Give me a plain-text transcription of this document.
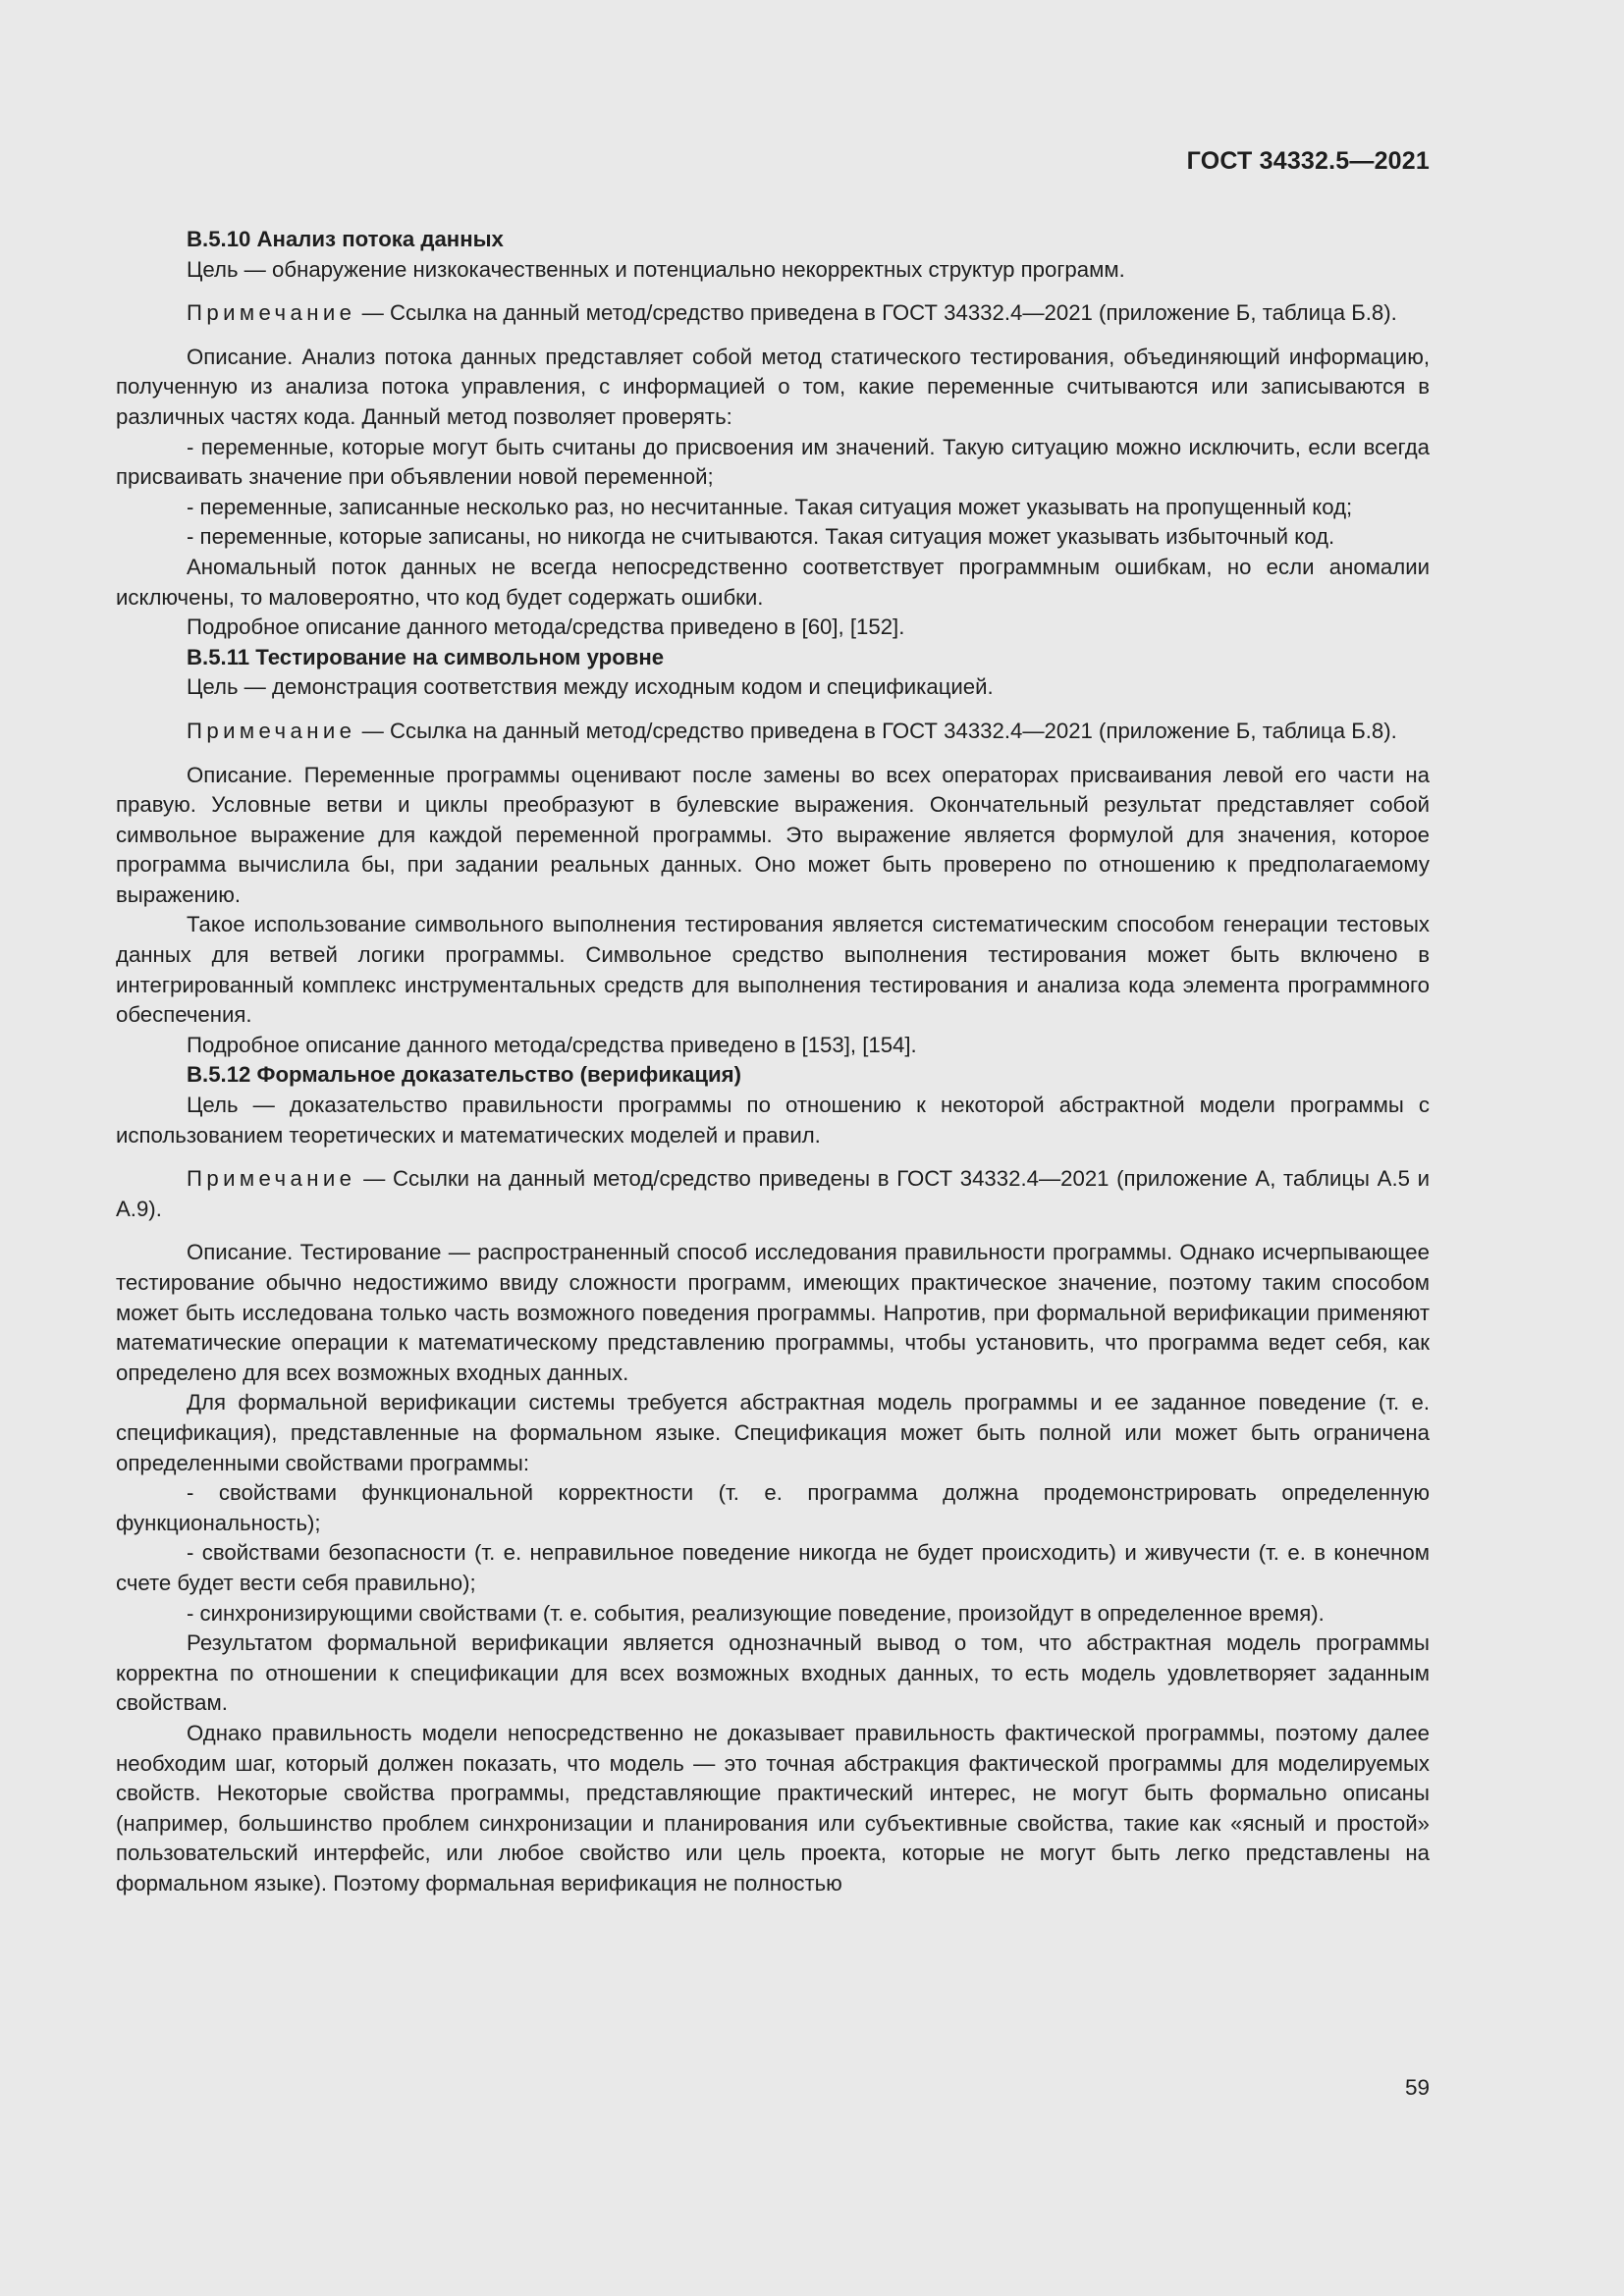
ГОСТ 34332.5—2021

В.5.10 Анализ потока данных

Цель — обнаружение низкокачественных и потенциально некорректных структур программ.

Примечание — Ссылка на данный метод/средство приведена в ГОСТ 34332.4—2021 (приложение Б, таблица Б.8).

Описание. Анализ потока данных представляет собой метод статического тестирования, объединяющий информацию, полученную из анализа потока управления, с информацией о том, какие переменные считываются или записываются в различных частях кода. Данный метод позволяет проверять:

- переменные, которые могут быть считаны до присвоения им значений. Такую ситуацию можно исключить, если всегда присваивать значение при объявлении новой переменной;

- переменные, записанные несколько раз, но несчитанные. Такая ситуация может указывать на пропущенный код;

- переменные, которые записаны, но никогда не считываются. Такая ситуация может указывать избыточный код.

Аномальный поток данных не всегда непосредственно соответствует программным ошибкам, но если аномалии исключены, то маловероятно, что код будет содержать ошибки.

Подробное описание данного метода/средства приведено в [60], [152].

В.5.11 Тестирование на символьном уровне

Цель — демонстрация соответствия между исходным кодом и спецификацией.

Примечание — Ссылка на данный метод/средство приведена в ГОСТ 34332.4—2021 (приложение Б, таблица Б.8).

Описание. Переменные программы оценивают после замены во всех операторах присваивания левой его части на правую. Условные ветви и циклы преобразуют в булевские выражения. Окончательный результат представляет собой символьное выражение для каждой переменной программы. Это выражение является формулой для значения, которое программа вычислила бы, при задании реальных данных. Оно может быть проверено по отношению к предполагаемому выражению.

Такое использование символьного выполнения тестирования является систематическим способом генерации тестовых данных для ветвей логики программы. Символьное средство выполнения тестирования может быть включено в интегрированный комплекс инструментальных средств для выполнения тестирования и анализа кода элемента программного обеспечения.

Подробное описание данного метода/средства приведено в [153], [154].

В.5.12 Формальное доказательство (верификация)

Цель — доказательство правильности программы по отношению к некоторой абстрактной модели программы с использованием теоретических и математических моделей и правил.

Примечание — Ссылки на данный метод/средство приведены в ГОСТ 34332.4—2021 (приложение А, таблицы А.5 и А.9).

Описание. Тестирование — распространенный способ исследования правильности программы. Однако исчерпывающее тестирование обычно недостижимо ввиду сложности программ, имеющих практическое значение, поэтому таким способом может быть исследована только часть возможного поведения программы. Напротив, при формальной верификации применяют математические операции к математическому представлению программы, чтобы установить, что программа ведет себя, как определено для всех возможных входных данных.

Для формальной верификации системы требуется абстрактная модель программы и ее заданное поведение (т. е. спецификация), представленные на формальном языке. Спецификация может быть полной или может быть ограничена определенными свойствами программы:

- свойствами функциональной корректности (т. е. программа должна продемонстрировать определенную функциональность);

- свойствами безопасности (т. е. неправильное поведение никогда не будет происходить) и живучести (т. е. в конечном счете будет вести себя правильно);

- синхронизирующими свойствами (т. е. события, реализующие поведение, произойдут в определенное время).

Результатом формальной верификации является однозначный вывод о том, что абстрактная модель программы корректна по отношении к спецификации для всех возможных входных данных, то есть модель удовлетворяет заданным свойствам.

Однако правильность модели непосредственно не доказывает правильность фактической программы, поэтому далее необходим шаг, который должен показать, что модель — это точная абстракция фактической программы для моделируемых свойств. Некоторые свойства программы, представляющие практический интерес, не могут быть формально описаны (например, большинство проблем синхронизации и планирования или субъективные свойства, такие как «ясный и простой» пользовательский интерфейс, или любое свойство или цель проекта, которые не могут быть легко представлены на формальном языке). Поэтому формальная верификация не полностью

59
